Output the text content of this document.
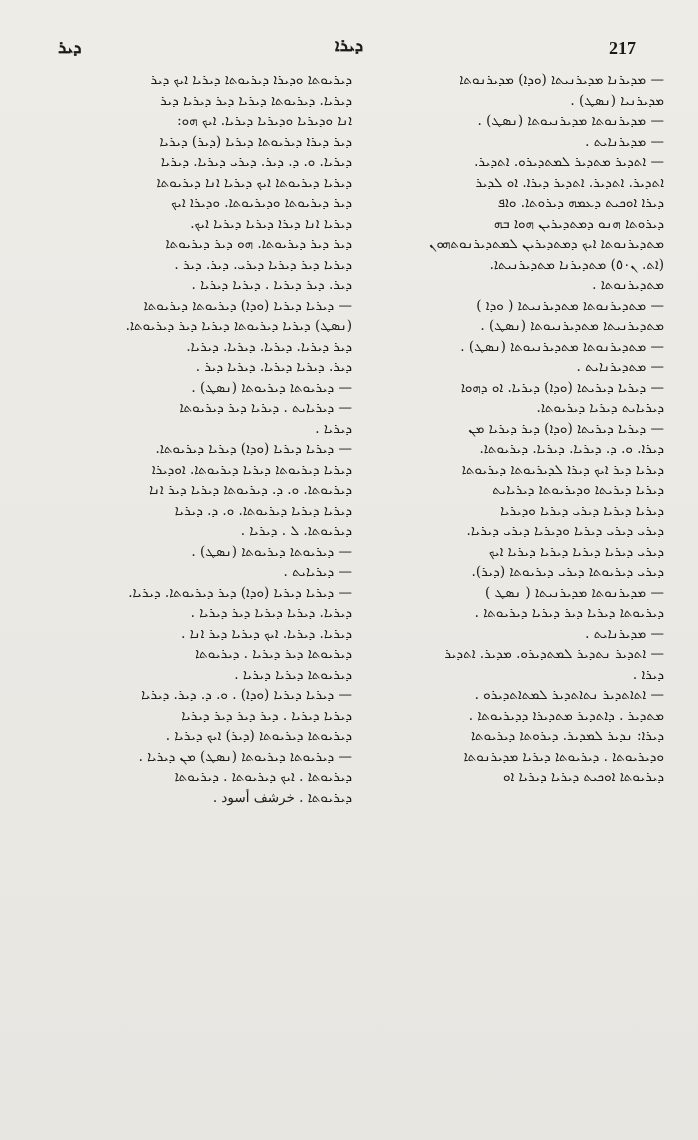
ܕܝܪ	ܕܝܪܐ	217

— ܡܕܝܪܢܐ ܡܕܝܪܢܝܬܐ (ܘܕܐ) ܡܕܝܪܢܘܬܐ

ܡܕܝܪܢܝܐ (ܢܣܛ) .

— ܡܕܝܪܢܘܬܐ ܡܕܝܪܢܝܘܬܐ (ܢܣܛ) .

— ܡܕܝܪܢܐܝܬ .

— ܐܬܕܝܪ ܡܬܕܝܪ ܠܡܬܕܝܪܘ. ܐܬܕܝܪ.

ܐܬܕܝܪ. ܐܬܕܝܪ. ܐܬܕܝܪ ܕܝܪܐ. ܐܘ ܠܕܝܪ

ܕܝܪܐ ܐܘܟܝܬ ܕܥܡܗ ܕܝܪܘܬܐ. ܘܐܦ

ܕܝܪܘܬܐ ܗܢܘ ܕܡܬܕܝܪܝܢ ܗܘܐ ܒܗ

ܡܬܕܝܪܢܘܬܐ ܐܝܟ ܕܡܬܕܝܪܝܢ ܠܡܬܕܝܪܢܘܬܗܘܢ

(ܐܬ. ܢ٥٠) ܡܬܕܝܪܢܐ ܡܬܕܝܪܢܝܬܐ.

ܡܬܕܝܪܢܘܬܐ .

— ܡܬܕܝܪܢܘܬܐ ܡܬܕܝܪܢܝܬܐ ( ܘܕܐ )

ܡܬܕܝܪܢܝܬܐ ܡܬܕܝܪܢܝܘܬܐ (ܢܣܛ) .

— ܡܬܕܝܪܢܘܬܐ ܡܬܕܝܪܢܝܘܬܐ (ܢܣܛ) .

— ܡܬܕܝܪܢܐܝܬ .

— ܕܝܪܝܐ ܕܝܪܝܬܐ (ܘܕܐ) ܕܝܪܝܐ. ܐܘ ܕܗܘܐ

ܕܝܪܝܐܝܬ ܕܝܪܝܐ ܕܝܪܝܘܬܐ.

— ܕܝܪܝܐ ܕܝܪܝܬܐ (ܘܕܐ) ܕܝܪ ܕܝܪܝܐ ܡܢ

ܕܝܪܐ. ܘ. ܕ. ܕܝܪܝܐ. ܕܝܪܝܐ. ܕܝܪܝܘܬܐ.

ܕܝܪܝܐ ܕܝܪ ܐܝܟ ܕܝܪܐ ܠܕܝܪܝܘܬܐ ܕܝܪܝܘܬܐ

ܕܝܪܝܐ ܕܝܪܝܬܐ ܘܕܝܪܝܘܬܐ ܕܝܪܝܐܝܬ

ܕܝܪܝܐ ܕܝܪܝܐ ܕܝܪܝ ܕܝܪܝܐ ܘܕܝܪܝܐ

ܕܝܪܝ ܕܝܪܝ ܕܝܪܝܐ ܘܕܝܪܝܐ ܕܝܪܝ ܕܝܪܝܐ.

ܕܝܪܝ ܕܝܪܝܐ ܕܝܪܝܐ ܕܝܪܝܐ ܕܝܪܝܐ ܐܝܟ

ܕܝܪܝ ܕܝܪܝܘܬܐ ܕܝܪܝ ܕܝܪܝܘܬܐ (ܕܝܪ).

— ܡܕܝܪܢܘܬܐ ܡܕܝܪܢܝܬܐ ( ܢܣܛ )

ܕܝܪܝܘܬܐ ܕܝܪܝܐ ܕܝܪ ܕܝܪܝܐ ܕܝܪܝܘܬܐ .

— ܡܕܝܪܢܐܝܬ .

— ܐܬܕܝܪ ܢܬܕܝܪ ܠܡܬܕܝܪܘ. ܡܕܝܪ. ܐܬܕܝܪ

ܕܝܪܐ .

— ܐܬܐܬܕܝܪ ܢܬܐܬܕܝܪ ܠܡܬܐܬܕܝܪܘ .

ܡܬܕܝܪ . ܕܐܬܕܝܪ ܡܬܕܝܪܐ ܕܕܝܪܝܘܬܐ .

ܕܝܪܐ: ܢܕܝܪ ܠܡܕܝܪ. ܕܝܪܘܬܐ ܕܝܪܝܘܬܐ

ܘܕܝܪܝܘܬܐ . ܕܝܪܝܘܬܐ ܕܝܪܝܐ ܡܕܝܪܢܘܬܐ

ܕܝܪܝܘܬܐ ܐܘܟܝܬ ܕܝܪܝܐ ܕܝܪܝܐ ܐܘ

ܕܝܪܝܘܬܐ ܘܕܝܪܐ ܕܝܪܝܘܬܐ ܕܝܪܝܐ ܐܝܟ ܕܝܪ

ܕܝܪܝܐ. ܕܝܪܝܘܬܐ ܕܝܪܝܐ ܕܝܪ ܕܝܪܝܐ ܕܝܪ

ܐܢܐ ܘܕܝܪܝܐ ܘܕܝܪܝܐ ܕܝܪܝܐ. ܐܝܟ ܗܘ:

ܕܝܪ ܕܝܪܐ ܕܝܪܝܘܬܐ ܕܝܪܝܐ (ܕܝܪ) ܕܝܪܝܐ

ܕܝܪܝܐ. ܘ. ܕ. ܕܝܪ. ܕܝܪܝ ܕܝܪܝܐ. ܕܝܪܝܐ

ܕܝܪܝܐ ܕܝܪܝܘܬܐ ܐܝܟ ܕܝܪܝܐ ܐܢܐ ܕܝܪܝܘܬܐ

ܕܝܪ ܕܝܪܝܘܬܐ ܘܕܝܪܝܘܬܐ. ܘܕܝܪܐ ܐܝܟ

ܕܝܪܝܐ ܐܢܐ ܕܝܪܐ ܕܝܪܝܐ ܕܝܪܝܐ ܐܝܟ.

ܕܝܪ ܕܝܪ ܕܝܪܝܘܬܐ. ܗܘ ܕܝܪ ܕܝܪܝܘܬܐ

ܕܝܪܝܐ ܕܝܪ ܕܝܪܝܐ ܕܝܪܝ. ܕܝܪ. ܕܝܪ .

ܕܝܪ. ܕܝܪ ܕܝܪܝܐ . ܕܝܪܝܐ ܕܝܪܝܐ .

— ܕܝܪܝܐ ܕܝܪܝܐ (ܘܕܐ) ܕܝܪܝܘܬܐ ܕܝܪܝܘܬܐ

(ܢܣܛ) ܕܝܪܝܐ ܕܝܪܝܘܬܐ ܕܝܪܝܐ ܕܝܪ ܕܝܪܝܘܬܐ.

ܕܝܪ ܕܝܪܝܐ. ܕܝܪܝܐ. ܕܝܪܝܐ. ܕܝܪܝܐ.

ܕܝܪ. ܕܝܪܝܐ ܕܝܪܝܐ. ܕܝܪܝܐ ܕܝܪ .

— ܕܝܪܝܘܬܐ ܕܝܪܝܘܬܐ (ܢܣܛ) .

— ܕܝܪܝܐܝܬ . ܕܝܪܝܐ ܕܝܪ ܕܝܪܝܘܬܐ

ܕܝܪܝܐ .

— ܕܝܪܝܐ ܕܝܪܝܐ (ܘܕܐ) ܕܝܪܝܐ ܕܝܪܝܘܬܐ.

ܕܝܪܝܐ ܕܝܪܝܘܬܐ ܕܝܪܝܐ ܕܝܪܝܘܬܐ. ܐܘܕܝܪܐ

ܕܝܪܝܘܬܐ. ܘ. ܕ. ܕܝܪܝܘܬܐ ܕܝܪܝܐ ܕܝܪ ܐܢܐ

ܕܝܪܝܐ ܕܝܪܝܐ ܕܝܪܝܘܬܐ. ܘ. ܕ. ܕܝܪܝܐ

ܕܝܪܝܘܬܐ. ܠ . ܕܝܪܝܐ .

— ܕܝܪܝܘܬܐ ܕܝܪܝܘܬܐ (ܢܣܛ) .

— ܕܝܪܝܐܝܬ .

— ܕܝܪܝܐ ܕܝܪܝܐ (ܘܕܐ) ܕܝܪ ܕܝܪܝܘܬܐ. ܕܝܪܝܐ.

ܕܝܪܝܐ. ܕܝܪܝܐ ܕܝܪܝܐ ܕܝܪ ܕܝܪܝܐ .

ܕܝܪܝܐ. ܕܝܪܝܐ. ܐܝܟ ܕܝܪܝܐ ܕܝܪ ܐܢܐ .

ܕܝܪܝܘܬܐ ܕܝܪ ܕܝܪܝܐ . ܕܝܪܝܘܬܐ

ܕܝܪܝܘܬܐ ܕܝܪܝܐ ܕܝܪܝܐ .

— ܕܝܪܝܐ ܕܝܪܝܐ (ܘܕܐ) . ܘ. ܕ. ܕܝܪ. ܕܝܪܝܐ

ܕܝܪܝܐ ܕܝܪܝܐ . ܕܝܪ ܕܝܪ ܕܝܪ ܕܝܪܝܐ

ܕܝܪܝܘܬܐ ܕܝܪܝܘܬܐ (ܕܝܪ) ܐܝܟ ܕܝܪܝܐ .

— ܕܝܪܝܘܬܐ ܕܝܪܝܘܬܐ (ܢܣܛ) ܡܢ ܕܝܪܝܐ .

ܕܝܪܝܘܬܐ . ܐܝܟ ܕܝܪܝܘܬܐ . ܕܝܪܝܘܬܐ

ܕܝܪܝܘܬܐ . خرشف أسود .
